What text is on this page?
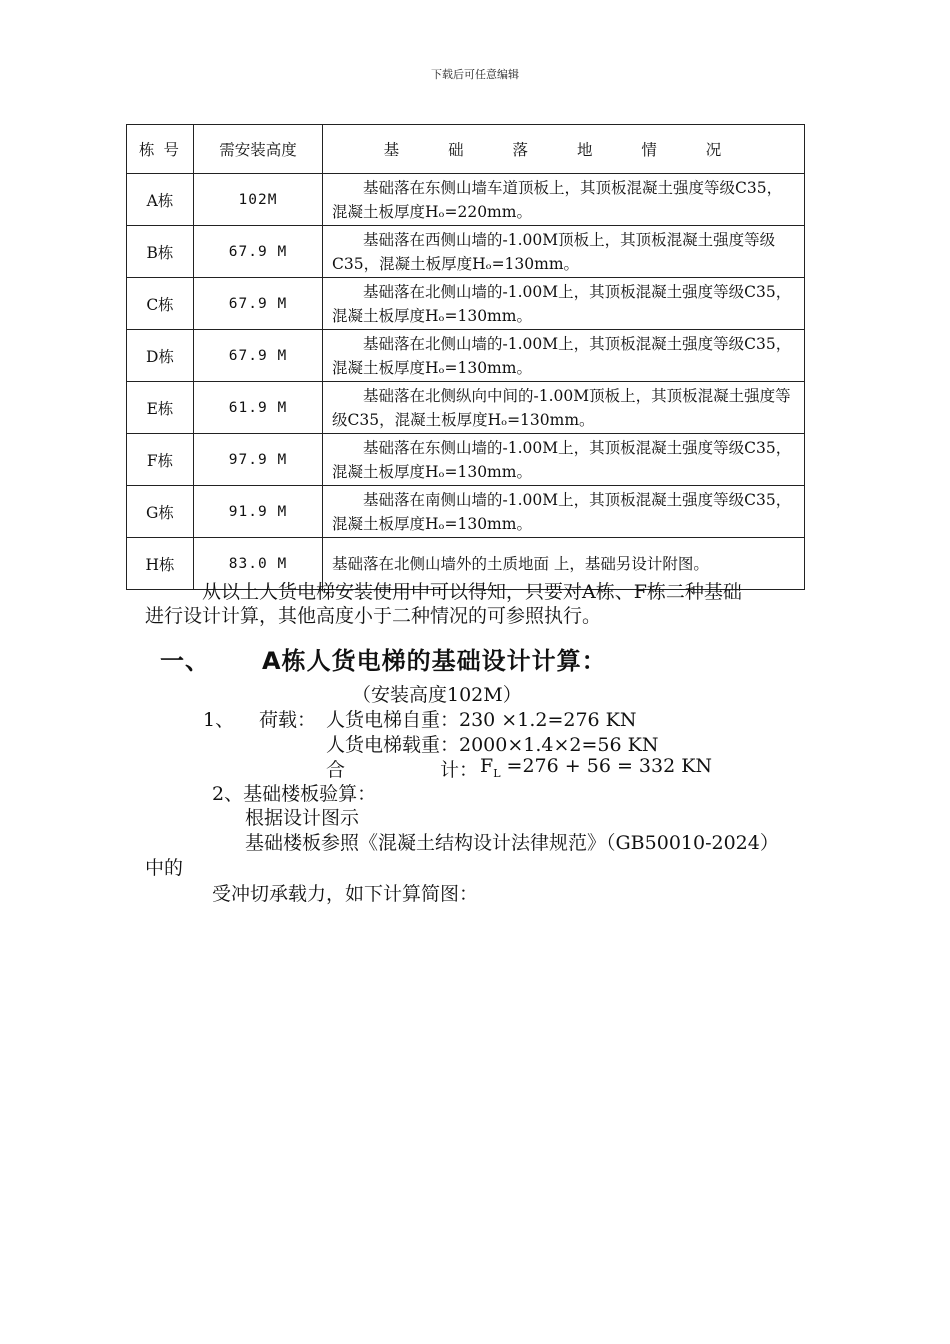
下载后可任意编辑
栋 号	需安装高度	基 础 落 地 情 况
A栋	102M	基础落在东侧山墙车道顶板上，其顶板混凝土强度等级C35，混凝土板厚度Hₒ=220mm。
B栋	67.9 M	基础落在西侧山墙的-1.00M顶板上，其顶板混凝土强度等级C35，混凝土板厚度Hₒ=130mm。
C栋	67.9 M	基础落在北侧山墙的-1.00M上，其顶板混凝土强度等级C35，混凝土板厚度Hₒ=130mm。
D栋	67.9 M	基础落在北侧山墙的-1.00M上，其顶板混凝土强度等级C35，混凝土板厚度Hₒ=130mm。
E栋	61.9 M	基础落在北侧纵向中间的-1.00M顶板上，其顶板混凝土强度等级C35，混凝土板厚度Hₒ=130mm。
F栋	97.9 M	基础落在东侧山墙的-1.00M上，其顶板混凝土强度等级C35，混凝土板厚度Hₒ=130mm。
G栋	91.9 M	基础落在南侧山墙的-1.00M上，其顶板混凝土强度等级C35，混凝土板厚度Hₒ=130mm。
H栋	83.0 M	基础落在北侧山墙外的土质地面 上，基础另设计附图。
从以上人货电梯安装使用中可以得知，只要对A栋、F栋二种基础
进行设计计算，其他高度小于二种情况的可参照执行。
一、 A栋人货电梯的基础设计计算：
（安装高度102M）
1、 荷载： 人货电梯自重：230 ×1.2=276 KN
人货电梯载重：2000×1.4×2=56 KN
合	计： $F_L =276 + 56 = 332$ KN
2、基础楼板验算：
根据设计图示
基础楼板参照《混凝土结构设计法律规范》（GB50010-2024）
中的
受冲切承载力，如下计算简图：
